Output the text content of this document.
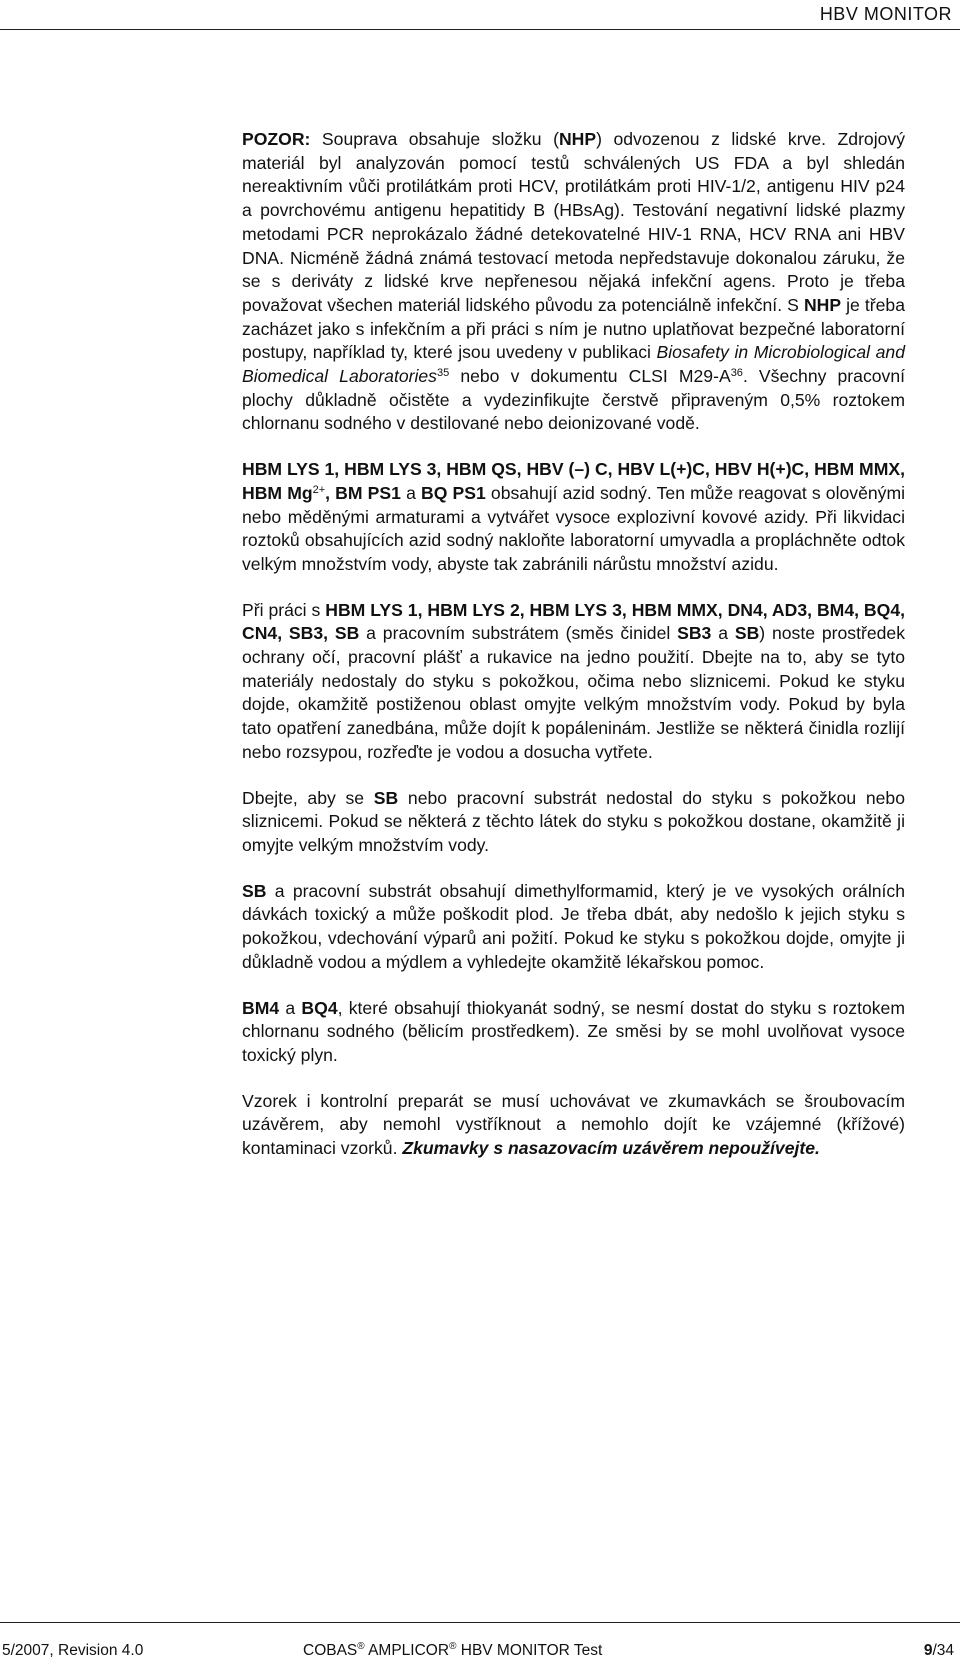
HBV MONITOR

POZOR: Souprava obsahuje složku (NHP) odvozenou z lidské krve. Zdrojový materiál byl analyzován pomocí testů schválených US FDA a byl shledán nereaktivním vůči protilátkám proti HCV, protilátkám proti HIV-1/2, antigenu HIV p24 a povrchovému antigenu hepatitidy B (HBsAg). Testování negativní lidské plazmy metodami PCR neprokázalo žádné detekovatelné HIV-1 RNA, HCV RNA ani HBV DNA. Nicméně žádná známá testovací metoda nepředstavuje dokonalou záruku, že se s deriváty z lidské krve nepřenesou nějaká infekční agens. Proto je třeba považovat všechen materiál lidského původu za potenciálně infekční. S NHP je třeba zacházet jako s infekčním a při práci s ním je nutno uplatňovat bezpečné laboratorní postupy, například ty, které jsou uvedeny v publikaci Biosafety in Microbiological and Biomedical Laboratories$^{35}$ nebo v dokumentu CLSI $M29-A^{36}$. Všechny pracovní plochy důkladně očistěte a vydezinfikujte čerstvě připraveným 0,5% roztokem chlornanu sodného v destilované nebo deionizované vodě.

HBM LYS 1, HBM LYS 3, HBM QS, HBV (–) C, HBV L(+)C, HBV H(+)C, HBM MMX, HBM $Mg^{2+}$, BM PS1 a BQ PS1 obsahují azid sodný. Ten může reagovat s olověnými nebo měděnými armaturami a vytvářet vysoce explozivní kovové azidy. Při likvidaci roztoků obsahujících azid sodný nakloňte laboratorní umyvadla a propláchněte odtok velkým množstvím vody, abyste tak zabránili nárůstu množství azidu.

Při práci s HBM LYS 1, HBM LYS 2, HBM LYS 3, HBM MMX, DN4, AD3, BM4, BQ4, CN4, SB3, SB a pracovním substrátem (směs činidel SB3 a SB) noste prostředek ochrany očí, pracovní plášť a rukavice na jedno použití. Dbejte na to, aby se tyto materiály nedostaly do styku s pokožkou, očima nebo sliznicemi. Pokud ke styku dojde, okamžitě postiženou oblast omyjte velkým množstvím vody. Pokud by byla tato opatření zanedbána, může dojít k popáleninám. Jestliže se některá činidla rozlijí nebo rozsypou, rozřeďte je vodou a dosucha vytřete.

Dbejte, aby se SB nebo pracovní substrát nedostal do styku s pokožkou nebo sliznicemi. Pokud se některá z těchto látek do styku s pokožkou dostane, okamžitě ji omyjte velkým množstvím vody.

SB a pracovní substrát obsahují dimethylformamid, který je ve vysokých orálních dávkách toxický a může poškodit plod. Je třeba dbát, aby nedošlo k jejich styku s pokožkou, vdechování výparů ani požití. Pokud ke styku s pokožkou dojde, omyjte ji důkladně vodou a mýdlem a vyhledejte okamžitě lékařskou pomoc.

BM4 a BQ4, které obsahují thiokyanát sodný, se nesmí dostat do styku s roztokem chlornanu sodného (bělicím prostředkem). Ze směsi by se mohl uvolňovat vysoce toxický plyn.

Vzorek i kontrolní preparát se musí uchovávat ve zkumavkách se šroubovacím uzávěrem, aby nemohl vystříknout a nemohlo dojít ke vzájemné (křížové) kontaminaci vzorků. Zkumavky s nasazovacím uzávěrem nepoužívejte.

5/2007, Revision 4.0	COBAS® AMPLICOR® HBV MONITOR Test	9/34
